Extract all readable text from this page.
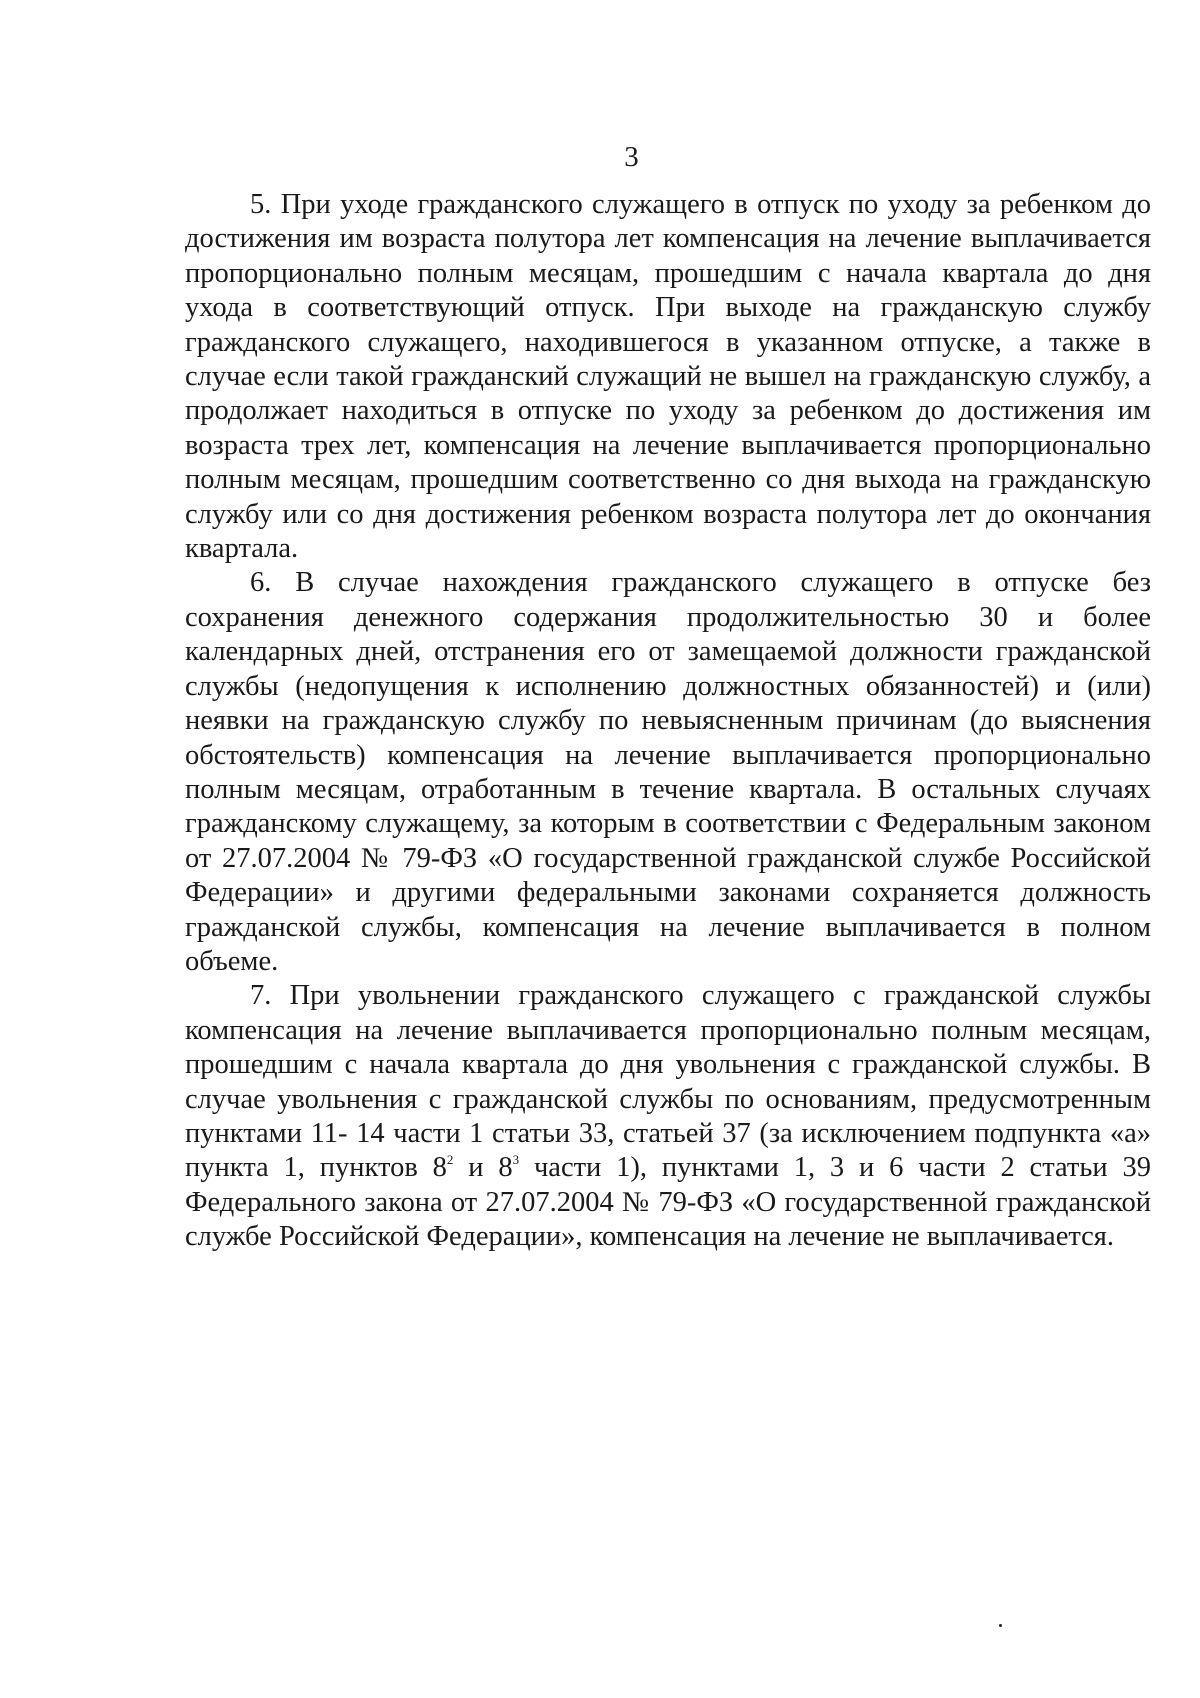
3

5. При уходе гражданского служащего в отпуск по уходу за ребенком до достижения им возраста полутора лет компенсация на лечение выплачивается пропорционально полным месяцам, прошедшим с начала квартала до дня ухода в соответствующий отпуск. При выходе на гражданскую службу гражданского служащего, находившегося в указанном отпуске, а также в случае если такой гражданский служащий не вышел на гражданскую службу, а продолжает находиться в отпуске по уходу за ребенком до достижения им возраста трех лет, компенсация на лечение выплачивается пропорционально полным месяцам, прошедшим соответственно со дня выхода на гражданскую службу или со дня достижения ребенком возраста полутора лет до окончания квартала.

6. В случае нахождения гражданского служащего в отпуске без сохранения денежного содержания продолжительностью 30 и более календарных дней, отстранения его от замещаемой должности гражданской службы (недопущения к исполнению должностных обязанностей) и (или) неявки на гражданскую службу по невыясненным причинам (до выяснения обстоятельств) компенсация на лечение выплачивается пропорционально полным месяцам, отработанным в течение квартала. В остальных случаях гражданскому служащему, за которым в соответствии с Федеральным законом от 27.07.2004 № 79-ФЗ «О государственной гражданской службе Российской Федерации» и другими федеральными законами сохраняется должность гражданской службы, компенсация на лечение выплачивается в полном объеме.

7. При увольнении гражданского служащего с гражданской службы компенсация на лечение выплачивается пропорционально полным месяцам, прошедшим с начала квартала до дня увольнения с гражданской службы. В случае увольнения с гражданской службы по основаниям, предусмотренным пунктами 11- 14 части 1 статьи 33, статьей 37 (за исключением подпункта «а» пункта 1, пунктов $8^2$ и $8^3$ части 1), пунктами 1, 3 и 6 части 2 статьи 39 Федерального закона от 27.07.2004 № 79-ФЗ «О государственной гражданской службе Российской Федерации», компенсация на лечение не выплачивается.
